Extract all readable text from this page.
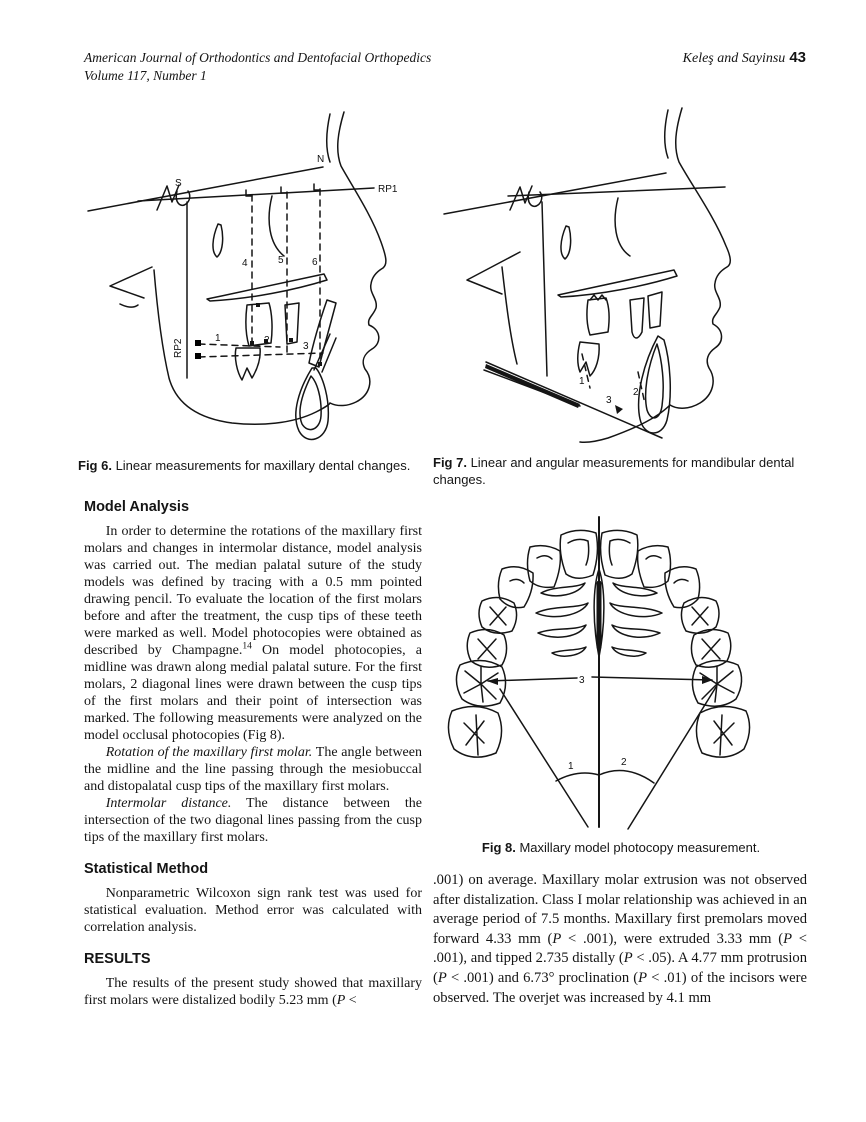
American Journal of Orthodontics and Dentofacial Orthopedics
Volume 117, Number 1
Keleş and Sayinsu 43
S
N
RP1
RP2
4	5	6
1	2
3
Fig 6. Linear measurements for maxillary dental changes.
1
2
3
Fig 7. Linear and angular measurements for mandibular dental changes.
1	2
3
Fig 8. Maxillary model photocopy measurement.
Model Analysis

In order to determine the rotations of the maxillary first molars and changes in intermolar distance, model analysis was carried out. The median palatal suture of the study models was defined by tracing with a 0.5 mm pointed drawing pencil. To evaluate the location of the first molars before and after the treatment, the cusp tips of these teeth were marked as well. Model photocopies were obtained as described by Champagne.$^{14}$ On model photocopies, a midline was drawn along medial palatal suture. For the first molars, 2 diagonal lines were drawn between the cusp tips of the first molars and their point of intersection was marked. The following measurements were analyzed on the model occlusal photocopies (Fig 8).

Rotation of the maxillary first molar. The angle between the midline and the line passing through the mesiobuccal and distopalatal cusp tips of the maxillary first molars.

Intermolar distance. The distance between the intersection of the two diagonal lines passing from the cusp tips of the maxillary first molars.

Statistical Method

Nonparametric Wilcoxon sign rank test was used for statistical evaluation. Method error was calculated with correlation analysis.

RESULTS

The results of the present study showed that maxillary first molars were distalized bodily 5.23 mm (P <

.001) on average. Maxillary molar extrusion was not observed after distalization. Class I molar relationship was achieved in an average period of 7.5 months. Maxillary first premolars moved forward 4.33 mm (P < .001), were extruded 3.33 mm (P < .001), and tipped 2.735 distally (P < .05). A 4.77 mm protrusion (P < .001) and 6.73° proclination (P < .01) of the incisors were observed. The overjet was increased by 4.1 mm
